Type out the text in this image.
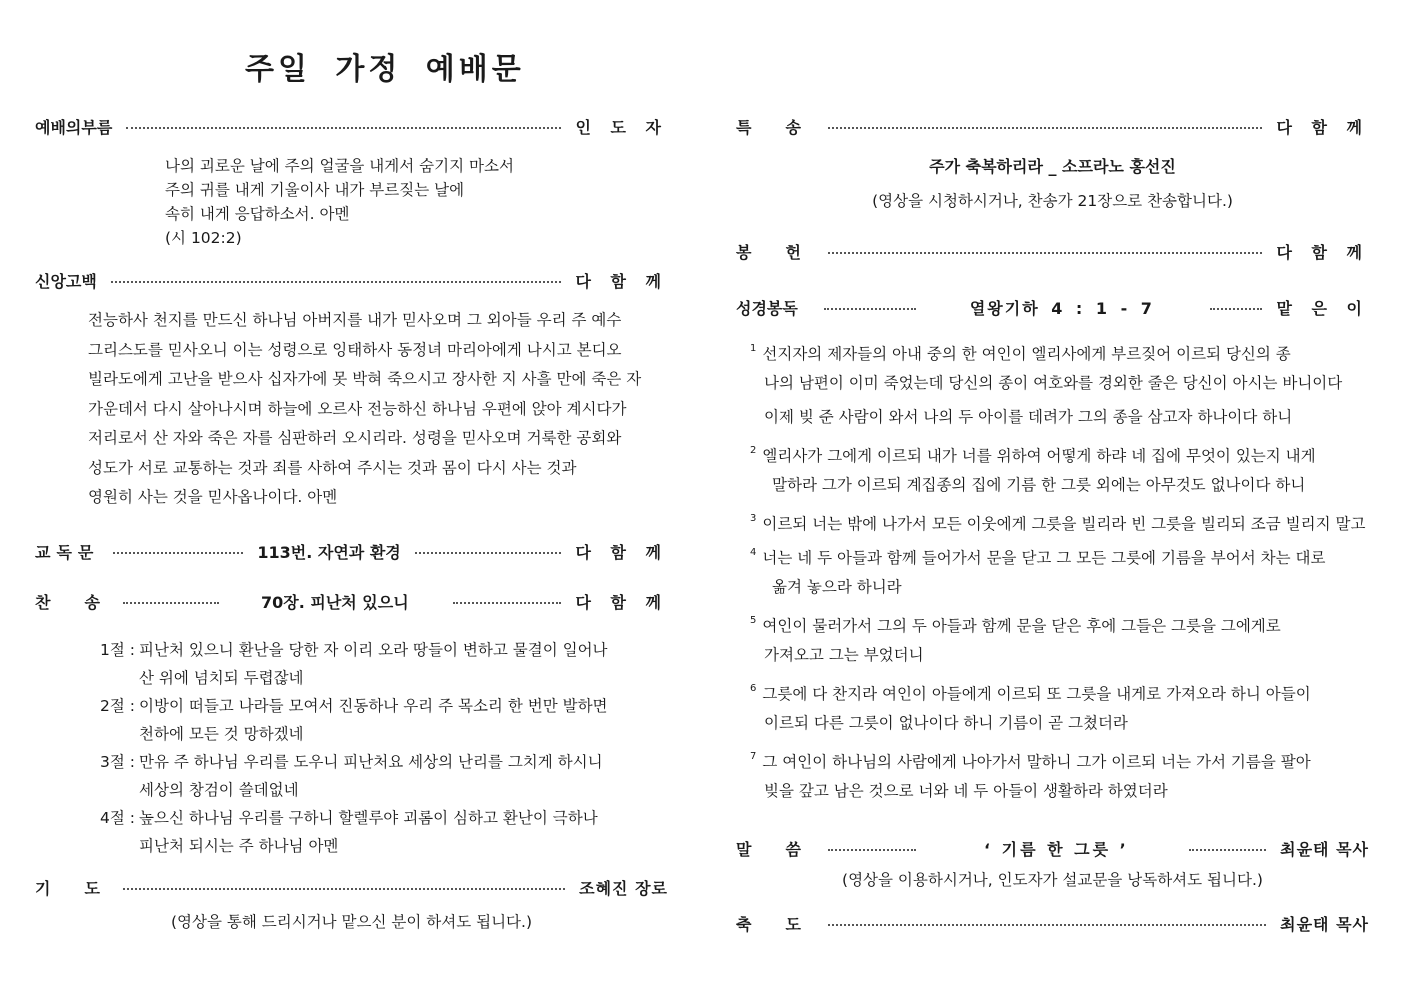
주일 가정 예배문
예배의부름	인 도 자
나의 괴로운 날에 주의 얼굴을 내게서 숨기지 마소서
주의 귀를 내게 기울이사 내가 부르짖는 날에
속히 내게 응답하소서. 아멘
(시 102:2)
신앙고백	다 함 께
전능하사 천지를 만드신 하나님 아버지를 내가 믿사오며 그 외아들 우리 주 예수
그리스도를 믿사오니 이는 성령으로 잉태하사 동정녀 마리아에게 나시고 본디오
빌라도에게 고난을 받으사 십자가에 못 박혀 죽으시고 장사한 지 사흘 만에 죽은 자
가운데서 다시 살아나시며 하늘에 오르사 전능하신 하나님 우편에 앉아 계시다가
저리로서 산 자와 죽은 자를 심판하러 오시리라. 성령을 믿사오며 거룩한 공회와
성도가 서로 교통하는 것과 죄를 사하여 주시는 것과 몸이 다시 사는 것과
영원히 사는 것을 믿사옵나이다. 아멘
교독문	113번. 자연과 환경	다 함 께
찬송	70장. 피난처 있으니	다 함 께
1절 : 피난처 있으니 환난을 당한 자 이리 오라 땅들이 변하고 물결이 일어나
산 위에 넘치되 두렵잖네
2절 : 이방이 떠들고 나라들 모여서 진동하나 우리 주 목소리 한 번만 발하면
천하에 모든 것 망하겠네
3절 : 만유 주 하나님 우리를 도우니 피난처요 세상의 난리를 그치게 하시니
세상의 창검이 쓸데없네
4절 : 높으신 하나님 우리를 구하니 할렐루야 괴롬이 심하고 환난이 극하나
피난처 되시는 주 하나님 아멘
기도	조혜진 장로
(영상을 통해 드리시거나 맡으신 분이 하셔도 됩니다.)
특송	다 함 께
주가 축복하리라 _ 소프라노 홍선진
(영상을 시청하시거나, 찬송가 21장으로 찬송합니다.)
봉헌	다 함 께
성경봉독	열왕기하 4 : 1 - 7	맡 은 이
$^1$ 선지자의 제자들의 아내 중의 한 여인이 엘리사에게 부르짖어 이르되 당신의 종
나의 남편이 이미 죽었는데 당신의 종이 여호와를 경외한 줄은 당신이 아시는 바니이다
이제 빚 준 사람이 와서 나의 두 아이를 데려가 그의 종을 삼고자 하나이다 하니
$^2$ 엘리사가 그에게 이르되 내가 너를 위하여 어떻게 하랴 네 집에 무엇이 있는지 내게
말하라 그가 이르되 계집종의 집에 기름 한 그릇 외에는 아무것도 없나이다 하니
$^3$ 이르되 너는 밖에 나가서 모든 이웃에게 그릇을 빌리라 빈 그릇을 빌리되 조금 빌리지 말고
$^4$ 너는 네 두 아들과 함께 들어가서 문을 닫고 그 모든 그릇에 기름을 부어서 차는 대로
옮겨 놓으라 하니라
$^5$ 여인이 물러가서 그의 두 아들과 함께 문을 닫은 후에 그들은 그릇을 그에게로
가져오고 그는 부었더니
$^6$ 그릇에 다 찬지라 여인이 아들에게 이르되 또 그릇을 내게로 가져오라 하니 아들이
이르되 다른 그릇이 없나이다 하니 기름이 곧 그쳤더라
$^7$ 그 여인이 하나님의 사람에게 나아가서 말하니 그가 이르되 너는 가서 기름을 팔아
빚을 갚고 남은 것으로 너와 네 두 아들이 생활하라 하였더라
말씀	‘ 기름 한 그릇 ’	최윤태 목사
(영상을 이용하시거나, 인도자가 설교문을 낭독하셔도 됩니다.)
축도	최윤태 목사
